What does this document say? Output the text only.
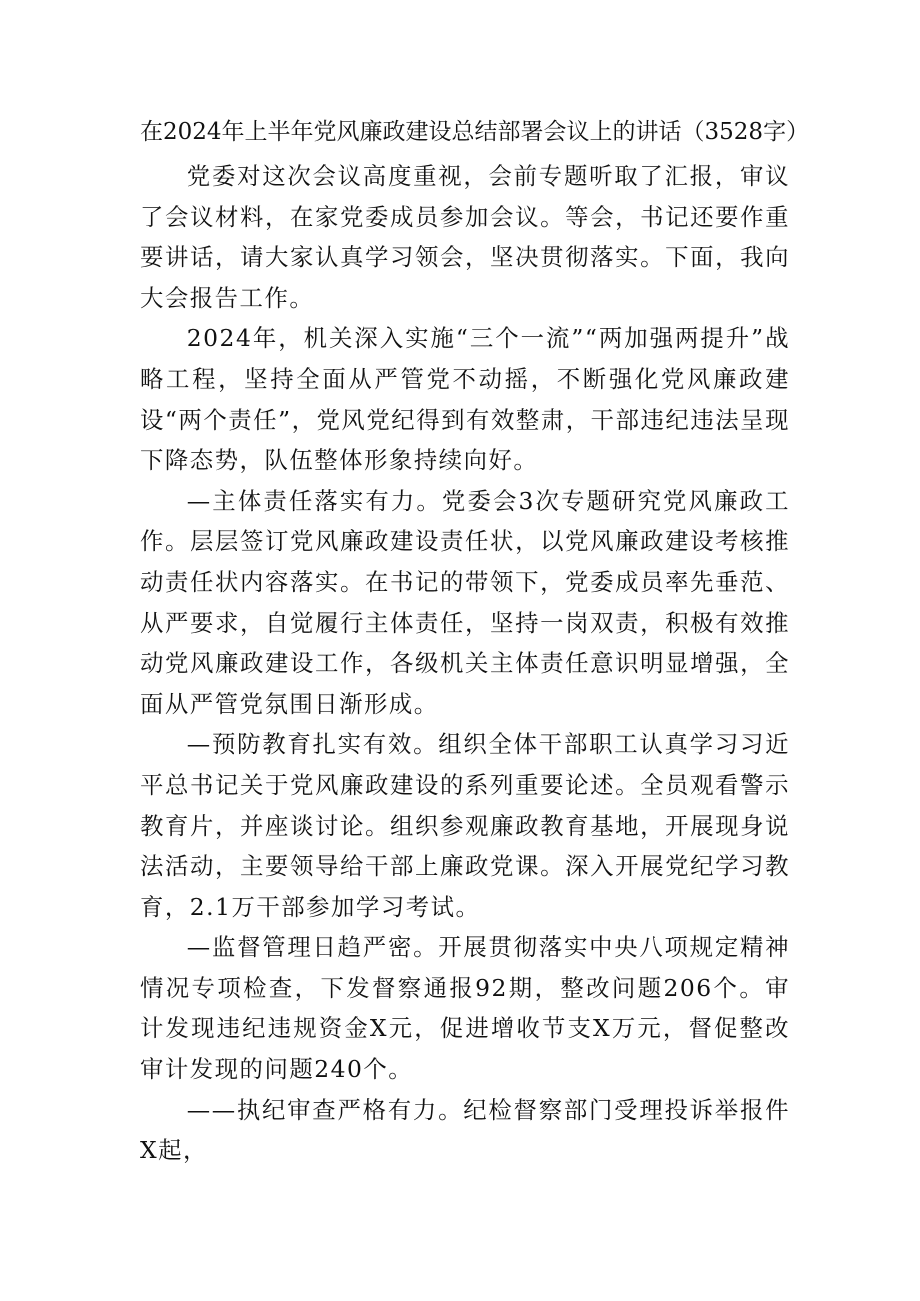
在2024年上半年党风廉政建设总结部署会议上的讲话（3528字）

党委对这次会议高度重视，会前专题听取了汇报，审议了会议材料，在家党委成员参加会议。等会，书记还要作重要讲话，请大家认真学习领会，坚决贯彻落实。下面，我向大会报告工作。

2024年，机关深入实施“三个一流”“两加强两提升”战略工程，坚持全面从严管党不动摇，不断强化党风廉政建设“两个责任”，党风党纪得到有效整肃，干部违纪违法呈现下降态势，队伍整体形象持续向好。

—主体责任落实有力。党委会3次专题研究党风廉政工作。层层签订党风廉政建设责任状，以党风廉政建设考核推动责任状内容落实。在书记的带领下，党委成员率先垂范、从严要求，自觉履行主体责任，坚持一岗双责，积极有效推动党风廉政建设工作，各级机关主体责任意识明显增强，全面从严管党氛围日渐形成。

—预防教育扎实有效。组织全体干部职工认真学习习近平总书记关于党风廉政建设的系列重要论述。全员观看警示教育片，并座谈讨论。组织参观廉政教育基地，开展现身说法活动，主要领导给干部上廉政党课。深入开展党纪学习教育，2.1万干部参加学习考试。

—监督管理日趋严密。开展贯彻落实中央八项规定精神情况专项检查，下发督察通报92期，整改问题206个。审计发现违纪违规资金X元，促进增收节支X万元，督促整改审计发现的问题240个。

——执纪审查严格有力。纪检督察部门受理投诉举报件X起，
